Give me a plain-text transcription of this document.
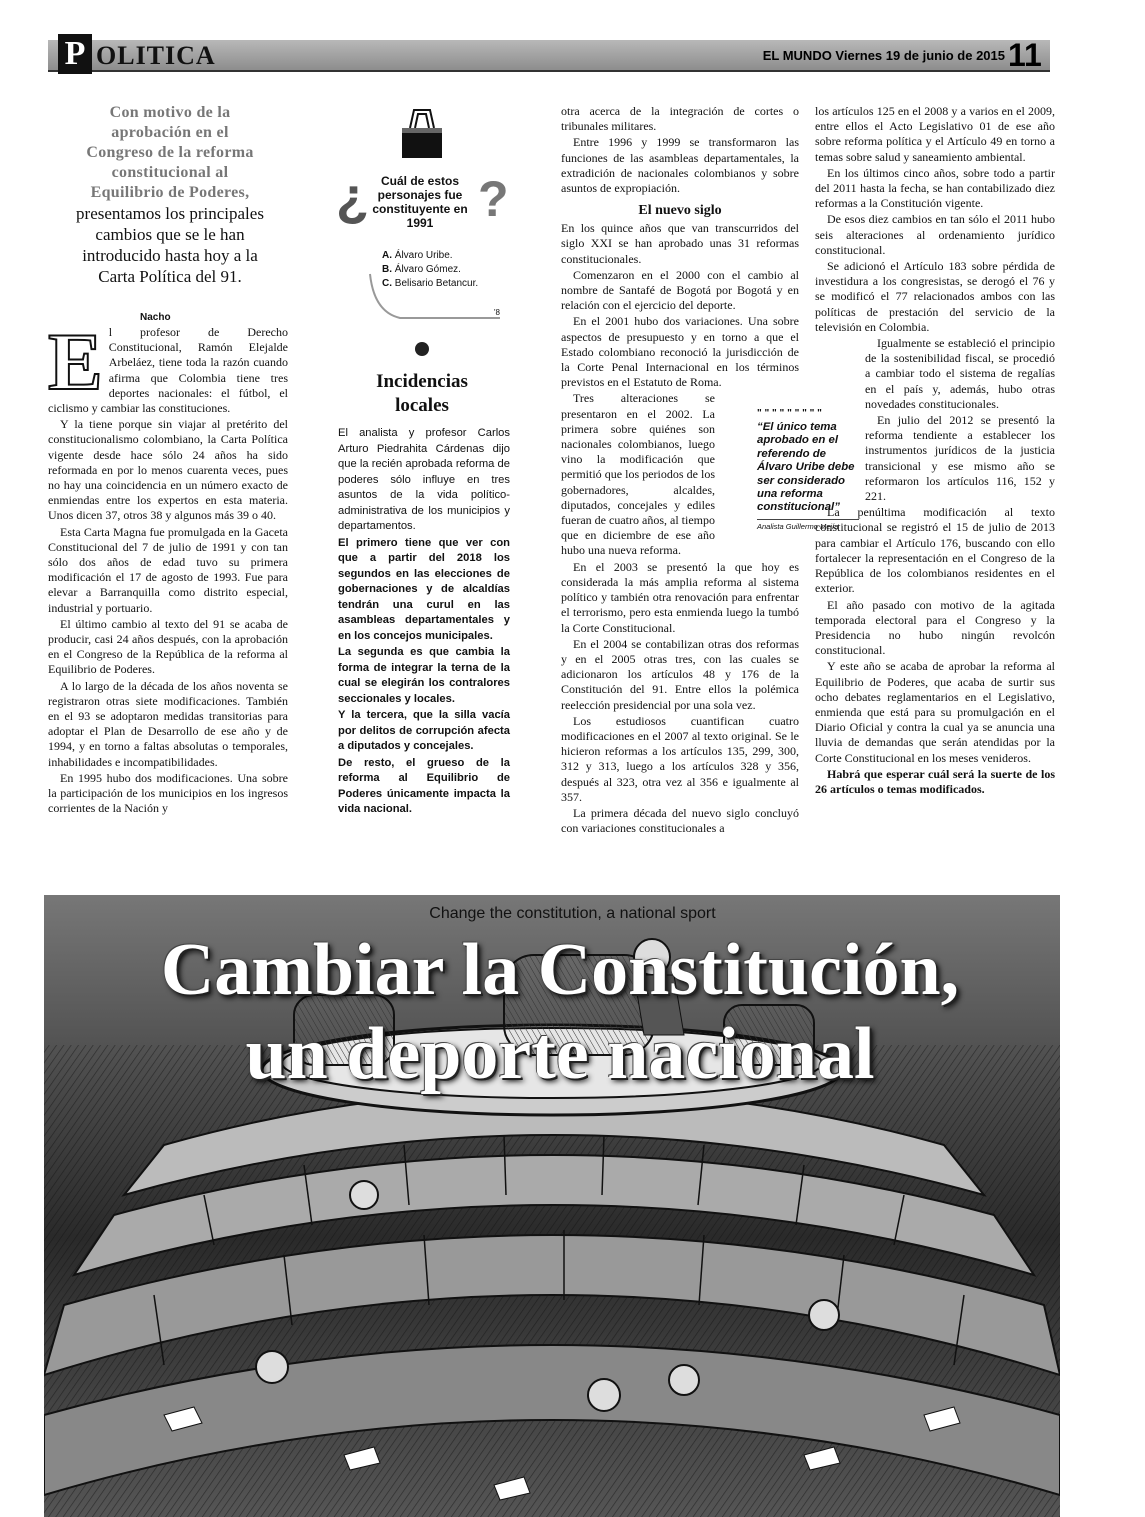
P OLITICA	EL MUNDO Viernes 19 de junio de 2015 11
Con motivo de la
aprobación en el
Congreso de la reforma
constitucional al
Equilibrio de Poderes,
presentamos los principales
cambios que se le han
introducido hasta hoy a la
Carta Política del 91.
Nacho

El profesor de Derecho Constitucional, Ramón Elejalde Arbeláez, tiene toda la razón cuando afirma que Colombia tiene tres deportes nacionales: el fútbol, el ciclismo y cambiar las constituciones.

Y la tiene porque sin viajar al pretérito del constitucionalismo colombiano, la Carta Política vigente desde hace sólo 24 años ha sido reformada en por lo menos cuarenta veces, pues no hay una coincidencia en un número exacto de enmiendas entre los expertos en esta materia. Unos dicen 37, otros 38 y algunos más 39 o 40.

Esta Carta Magna fue promulgada en la Gaceta Constitucional del 7 de julio de 1991 y con tan sólo dos años de edad tuvo su primera modificación el 17 de agosto de 1993. Fue para elevar a Barranquilla como distrito especial, industrial y portuario.

El último cambio al texto del 91 se acaba de producir, casi 24 años después, con la aprobación en el Congreso de la República de la reforma al Equilibrio de Poderes.

A lo largo de la década de los años noventa se registraron otras siete modificaciones. También en el 93 se adoptaron medidas transitorias para adoptar el Plan de Desarrollo de ese año y de 1994, y en torno a faltas absolutas o temporales, inhabilidades e incompatibilidades.

En 1995 hubo dos modificaciones. Una sobre la participación de los municipios en los ingresos corrientes de la Nación y

¿ ?
Cuál de estos personajes fue constituyente en 1991
A. Álvaro Uribe.
B. Álvaro Gómez.
C. Belisario Betancur.
'8
Incidencias locales

El analista y profesor Carlos Arturo Piedrahita Cárdenas dijo que la recién aprobada reforma de poderes sólo influye en tres asuntos de la vida político-administrativa de los municipios y departamentos.

El primero tiene que ver con que a partir del 2018 los segundos en las elecciones de gobernaciones y de alcaldías tendrán una curul en las asambleas departamentales y en los concejos municipales.

La segunda es que cambia la forma de integrar la terna de la cual se elegirán los contralores seccionales y locales.

Y la tercera, que la silla vacía por delitos de corrupción afecta a diputados y concejales.

De resto, el grueso de la reforma al Equilibrio de Poderes únicamente impacta la vida nacional.

otra acerca de la integración de cortes o tribunales militares.

Entre 1996 y 1999 se transformaron las funciones de las asambleas departamentales, la extradición de nacionales colombianos y sobre asuntos de expropiación.

El nuevo siglo

En los quince años que van transcurridos del siglo XXI se han aprobado unas 31 reformas constitucionales.

Comenzaron en el 2000 con el cambio al nombre de Santafé de Bogotá por Bogotá y en relación con el ejercicio del deporte.

En el 2001 hubo dos variaciones. Una sobre aspectos de presupuesto y en torno a que el Estado colombiano reconoció la jurisdicción de la Corte Penal Internacional en los términos previstos en el Estatuto de Roma.

Tres alteraciones se presentaron en el 2002. La primera sobre quiénes son nacionales colombianos, luego vino la modificación que permitió que los periodos de los gobernadores, alcaldes, diputados, concejales y ediles fueran de cuatro años, al tiempo que en diciembre de ese año hubo una nueva reforma.

En el 2003 se presentó la que hoy es considerada la más amplia reforma al sistema político y también otra renovación para enfrentar el terrorismo, pero esta enmienda luego la tumbó la Corte Constitucional.

En el 2004 se contabilizan otras dos reformas y en el 2005 otras tres, con las cuales se adicionaron los artículos 48 y 176 de la Constitución del 91. Entre ellos la polémica reelección presidencial por una sola vez.

Los estudiosos cuantifican cuatro modificaciones en el 2007 al texto original. Se le hicieron reformas a los artículos 135, 299, 300, 312 y 313, luego a los artículos 328 y 356, después al 323, otra vez al 356 e igualmente al 357.

La primera década del nuevo siglo concluyó con variaciones constitucionales a

" " " " " " " " "
“El único tema aprobado en el referendo de Álvaro Uribe debe ser considerado una reforma constitucional”
Analista Guillermo Mejía

los artículos 125 en el 2008 y a varios en el 2009, entre ellos el Acto Legislativo 01 de ese año sobre reforma política y el Artículo 49 en torno a temas sobre salud y saneamiento ambiental.

En los últimos cinco años, sobre todo a partir del 2011 hasta la fecha, se han contabilizado diez reformas a la Constitución vigente.

De esos diez cambios en tan sólo el 2011 hubo seis alteraciones al ordenamiento jurídico constitucional.

Se adicionó el Artículo 183 sobre pérdida de investidura a los congresistas, se derogó el 76 y se modificó el 77 relacionados ambos con las políticas de prestación del servicio de la televisión en Colombia.

Igualmente se estableció el principio de la sostenibilidad fiscal, se procedió a cambiar todo el sistema de regalías en el país y, además, hubo otras novedades constitucionales.

En julio del 2012 se presentó la reforma tendiente a establecer los instrumentos jurídicos de la justicia transicional y ese mismo año se reformaron los artículos 116, 152 y 221.

La penúltima modificación al texto constitucional se registró el 15 de julio de 2013 para cambiar el Artículo 176, buscando con ello fortalecer la representación en el Congreso de la República de los colombianos residentes en el exterior.

El año pasado con motivo de la agitada temporada electoral para el Congreso y la Presidencia no hubo ningún revolcón constitucional.

Y este año se acaba de aprobar la reforma al Equilibrio de Poderes, que acaba de surtir sus ocho debates reglamentarios en el Legislativo, enmienda que está para su promulgación en el Diario Oficial y contra la cual ya se anuncia una lluvia de demandas que serán atendidas por la Corte Constitucional en los meses venideros.

Habrá que esperar cuál será la suerte de los 26 artículos o temas modificados.

Change the constitution, a national sport
Cambiar la Constitución,
un deporte nacional
